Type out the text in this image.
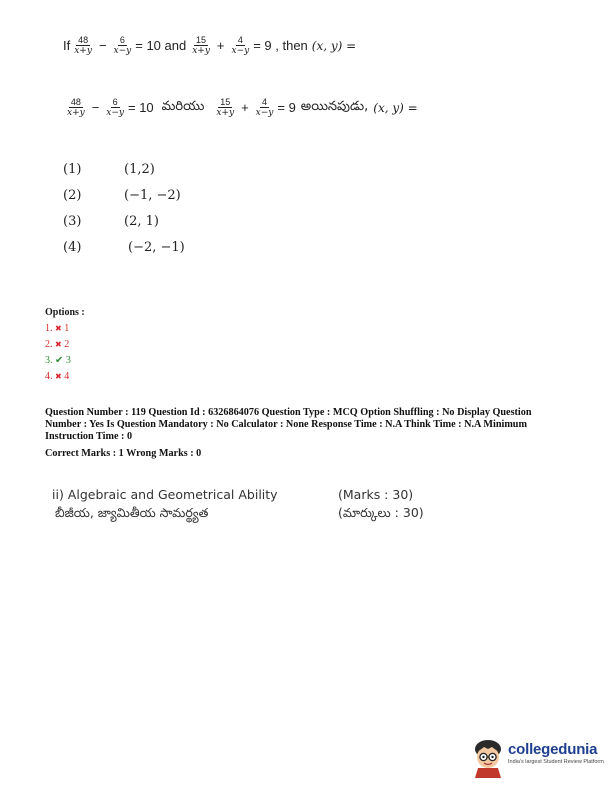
If $\frac{48}{x+y} - \frac{6}{x-y} = 10$ and $\frac{15}{x+y} + \frac{4}{x-y} = 9$ , then (x, y) =
$\frac{48}{x+y} - \frac{6}{x-y} = 10$ మరియు $\frac{15}{x+y} + \frac{4}{x-y} = 9$ అయినపుడు, (x, y) =
(1)	(1,2)
(2)	(−1, −2)
(3)	(2, 1)
(4)	(−2, −1)
Options :
1. ✖ 1
2. ✖ 2
3. ✔ 3
4. ✖ 4
Question Number : 119 Question Id : 6326864076 Question Type : MCQ Option Shuffling : No Display Question
Number : Yes Is Question Mandatory : No Calculator : None Response Time : N.A Think Time : N.A Minimum
Instruction Time : 0
Correct Marks : 1 Wrong Marks : 0
ii) Algebraic and Geometrical Ability	(Marks : 30)
బీజీయ, జ్యామితీయ సామర్థ్యత	(మార్కులు : 30)
collegedunia
India's largest Student Review Platform
